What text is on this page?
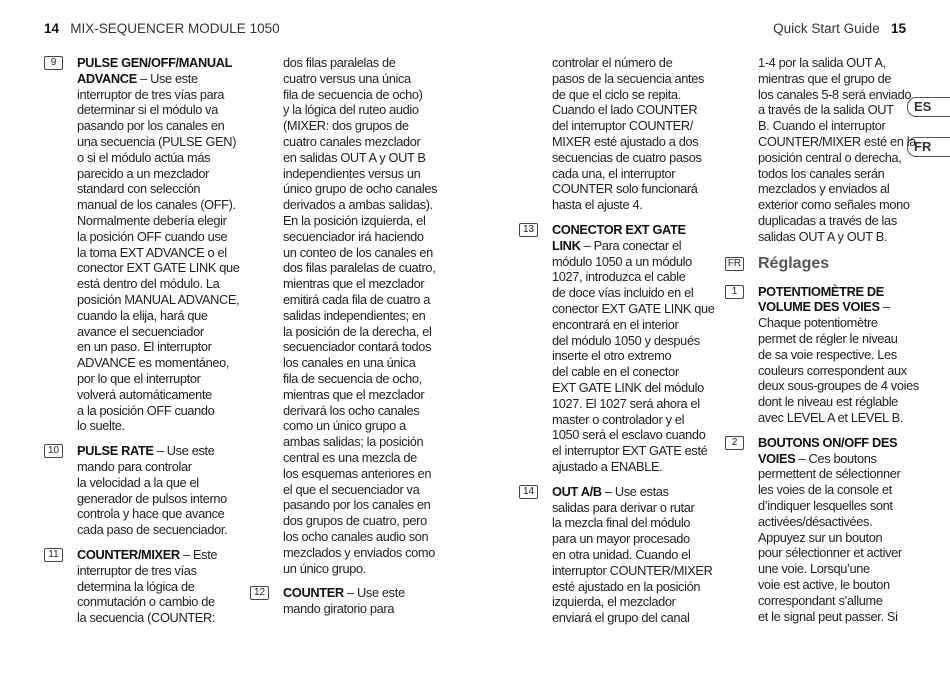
14 MIX-SEQUENCER MODULE 1050	Quick Start Guide 15
ES
FR
9	PULSE GEN/OFF/MANUAL
ADVANCE – Use este
interruptor de tres vías para
determinar si el módulo va
pasando por los canales en
una secuencia (PULSE GEN)
o si el módulo actúa más
parecido a un mezclador
standard con selección
manual de los canales (OFF).
Normalmente debería elegir
la posición OFF cuando use
la toma EXT ADVANCE o el
conector EXT GATE LINK que
está dentro del módulo. La
posición MANUAL ADVANCE,
cuando la elija, hará que
avance el secuenciador
en un paso. El interruptor
ADVANCE es momentáneo,
por lo que el interruptor
volverá automáticamente
a la posición OFF cuando
lo suelte.
10	PULSE RATE – Use este
mando para controlar
la velocidad a la que el
generador de pulsos interno
controla y hace que avance
cada paso de secuenciador.
11	COUNTER/MIXER – Este
interruptor de tres vías
determina la lógica de
conmutación o cambio de
la secuencia (COUNTER:
dos filas paralelas de
cuatro versus una única
fila de secuencia de ocho)
y la lógica del ruteo audio
(MIXER: dos grupos de
cuatro canales mezclador
en salidas OUT A y OUT B
independientes versus un
único grupo de ocho canales
derivados a ambas salidas).
En la posición izquierda, el
secuenciador irá haciendo
un conteo de los canales en
dos filas paralelas de cuatro,
mientras que el mezclador
emitirá cada fila de cuatro a
salidas independientes; en
la posición de la derecha, el
secuenciador contará todos
los canales en una única
fila de secuencia de ocho,
mientras que el mezclador
derivará los ocho canales
como un único grupo a
ambas salidas; la posición
central es una mezcla de
los esquemas anteriores en
el que el secuenciador va
pasando por los canales en
dos grupos de cuatro, pero
los ocho canales audio son
mezclados y enviados como
un único grupo.
12	COUNTER – Use este
mando giratorio para
controlar el número de
pasos de la secuencia antes
de que el ciclo se repita.
Cuando el lado COUNTER
del interruptor COUNTER/
MIXER esté ajustado a dos
secuencias de cuatro pasos
cada una, el interruptor
COUNTER solo funcionará
hasta el ajuste 4.
13	CONECTOR EXT GATE
LINK – Para conectar el
módulo 1050 a un módulo
1027, introduzca el cable
de doce vías incluido en el
conector EXT GATE LINK que
encontrará en el interior
del módulo 1050 y después
inserte el otro extremo
del cable en el conector
EXT GATE LINK del módulo
1027. El 1027 será ahora el
master o controlador y el
1050 será el esclavo cuando
el interruptor EXT GATE esté
ajustado a ENABLE.
14	OUT A/B – Use estas
salidas para derivar o rutar
la mezcla final del módulo
para un mayor procesado
en otra unidad. Cuando el
interruptor COUNTER/MIXER
esté ajustado en la posición
izquierda, el mezclador
enviará el grupo del canal
1-4 por la salida OUT A,
mientras que el grupo de
los canales 5-8 será enviado
a través de la salida OUT
B. Cuando el interruptor
COUNTER/MIXER esté en la
posición central o derecha,
todos los canales serán
mezclados y enviados al
exterior como señales mono
duplicadas a través de las
salidas OUT A y OUT B.
FR Réglages
1	POTENTIOMÈTRE DE
VOLUME DES VOIES –
Chaque potentiomètre
permet de régler le niveau
de sa voie respective. Les
couleurs correspondent aux
deux sous-groupes de 4 voies
dont le niveau est réglable
avec LEVEL A et LEVEL B.
2	BOUTONS ON/OFF DES
VOIES – Ces boutons
permettent de sélectionner
les voies de la console et
d’indiquer lesquelles sont
activées/désactivées.
Appuyez sur un bouton
pour sélectionner et activer
une voie. Lorsqu’une
voie est active, le bouton
correspondant s’allume
et le signal peut passer. Si
